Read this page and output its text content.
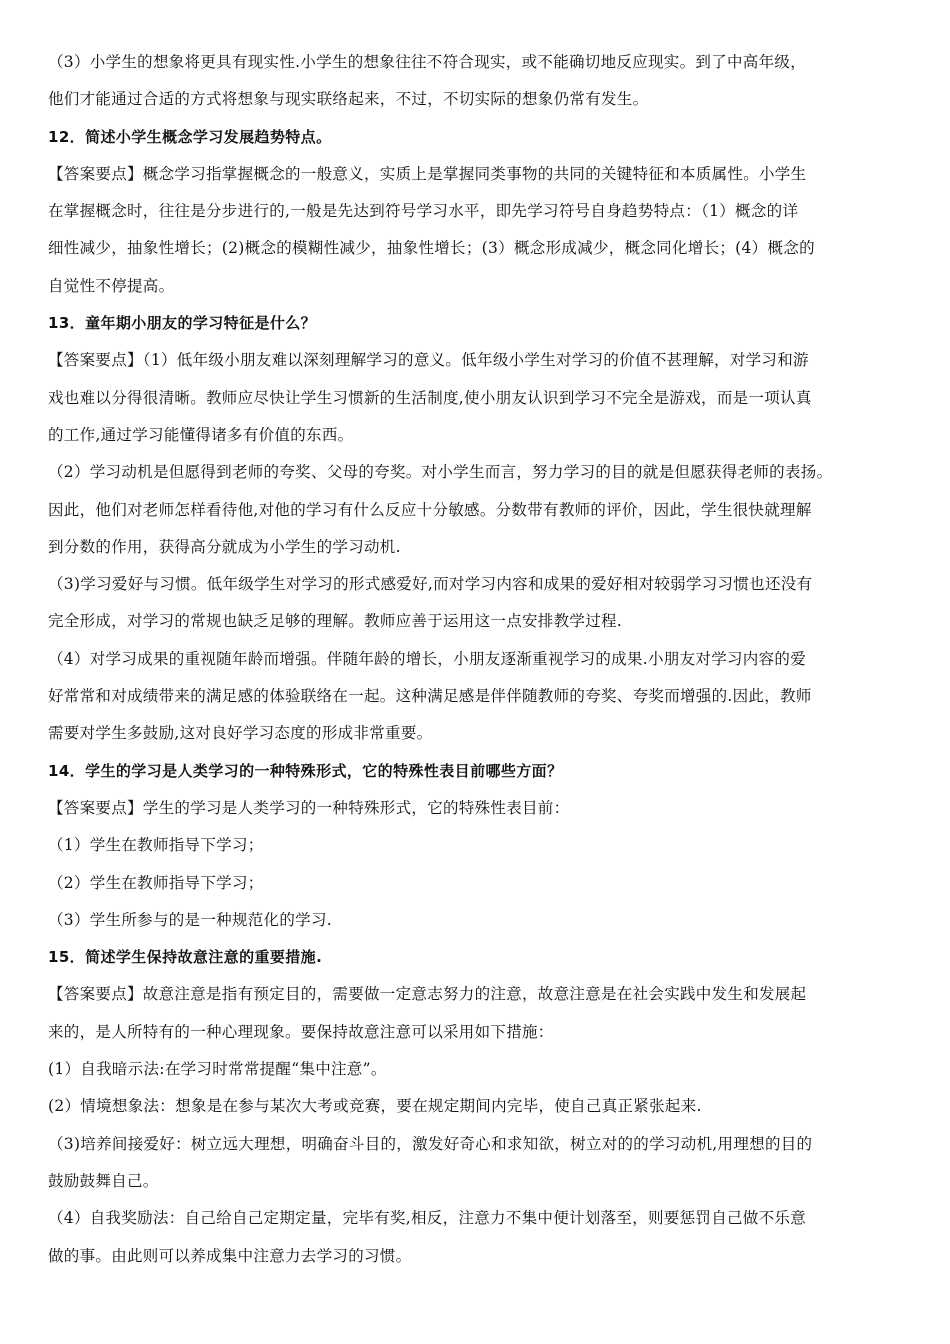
（3）小学生的想象将更具有现实性.小学生的想象往往不符合现实，或不能确切地反应现实。到了中高年级，

他们才能通过合适的方式将想象与现实联络起来，不过，不切实际的想象仍常有发生。

12．简述小学生概念学习发展趋势特点。

【答案要点】概念学习指掌握概念的一般意义，实质上是掌握同类事物的共同的关键特征和本质属性。小学生

在掌握概念时，往往是分步进行的,一般是先达到符号学习水平，即先学习符号自身趋势特点：（1）概念的详

细性减少，抽象性增长；(2)概念的模糊性减少，抽象性增长；(3）概念形成减少，概念同化增长；(4）概念的

自觉性不停提高。

13．童年期小朋友的学习特征是什么？

【答案要点】（1）低年级小朋友难以深刻理解学习的意义。低年级小学生对学习的价值不甚理解，对学习和游

戏也难以分得很清晰。教师应尽快让学生习惯新的生活制度,使小朋友认识到学习不完全是游戏，而是一项认真

的工作,通过学习能懂得诸多有价值的东西。

（2）学习动机是但愿得到老师的夸奖、父母的夸奖。对小学生而言，努力学习的目的就是但愿获得老师的表扬。

因此，他们对老师怎样看待他,对他的学习有什么反应十分敏感。分数带有教师的评价，因此，学生很快就理解

到分数的作用，获得高分就成为小学生的学习动机.

（3)学习爱好与习惯。低年级学生对学习的形式感爱好,而对学习内容和成果的爱好相对较弱学习习惯也还没有

完全形成，对学习的常规也缺乏足够的理解。教师应善于运用这一点安排教学过程.

（4）对学习成果的重视随年龄而增强。伴随年龄的增长，小朋友逐渐重视学习的成果.小朋友对学习内容的爱

好常常和对成绩带来的满足感的体验联络在一起。这种满足感是伴伴随教师的夸奖、夸奖而增强的.因此，教师

需要对学生多鼓励,这对良好学习态度的形成非常重要。

14．学生的学习是人类学习的一种特殊形式，它的特殊性表目前哪些方面？

【答案要点】学生的学习是人类学习的一种特殊形式，它的特殊性表目前：

（1）学生在教师指导下学习；

（2）学生在教师指导下学习；

（3）学生所参与的是一种规范化的学习.

15．简述学生保持故意注意的重要措施.

【答案要点】故意注意是指有预定目的，需要做一定意志努力的注意，故意注意是在社会实践中发生和发展起

来的，是人所特有的一种心理现象。要保持故意注意可以采用如下措施：

(1）自我暗示法:在学习时常常提醒“集中注意”。

(2）情境想象法：想象是在参与某次大考或竞赛，要在规定期间内完毕，使自己真正紧张起来.

（3)培养间接爱好：树立远大理想，明确奋斗目的，激发好奇心和求知欲，树立对的的学习动机,用理想的目的

鼓励鼓舞自己。

（4）自我奖励法：自己给自己定期定量，完毕有奖,相反，注意力不集中便计划落至，则要惩罚自己做不乐意

做的事。由此则可以养成集中注意力去学习的习惯。
